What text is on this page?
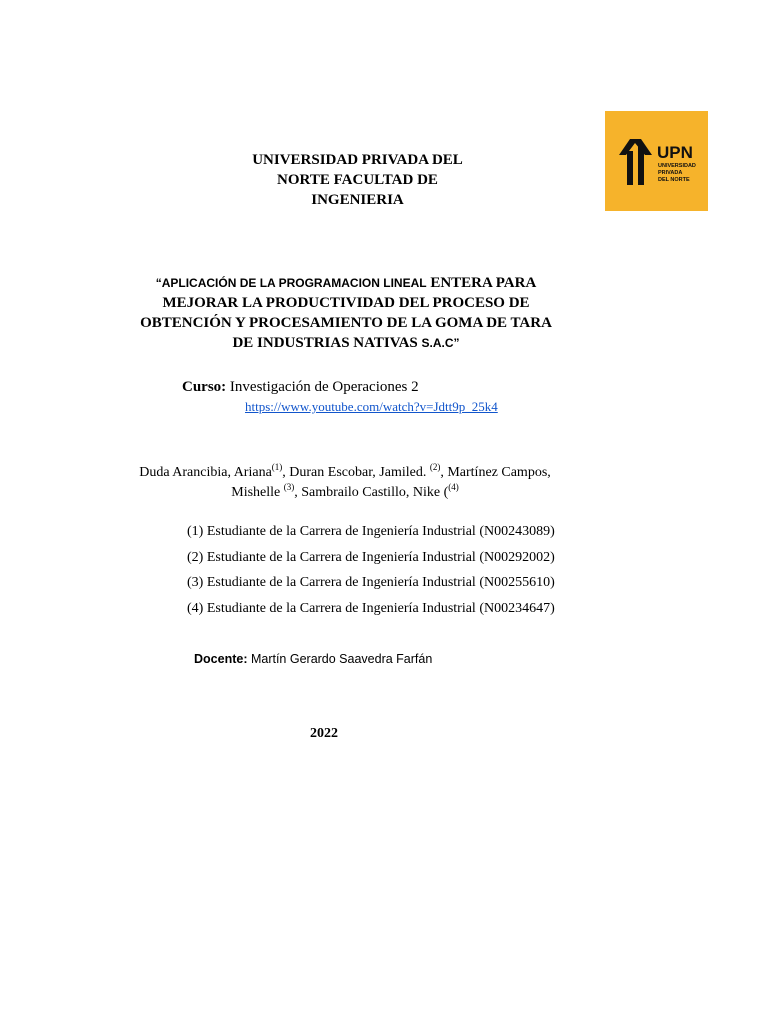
UNIVERSIDAD PRIVADA DEL
NORTE FACULTAD DE
INGENIERIA
UPN
UNIVERSIDAD
PRIVADA
DEL NORTE
“APLICACIÓN DE LA PROGRAMACION LINEAL ENTERA PARA
MEJORAR LA PRODUCTIVIDAD DEL PROCESO DE
OBTENCIÓN Y PROCESAMIENTO DE LA GOMA DE TARA
DE INDUSTRIAS NATIVAS S.A.C”
Curso: Investigación de Operaciones 2
https://www.youtube.com/watch?v=Jdtt9p_25k4
Duda Arancibia, Ariana$^{(1)}$, Duran Escobar, Jamiled. $^{(2)}$, Martínez Campos, Mishelle $^{(3)}$, Sambrailo Castillo, Nike ($^{(4)}$
(1) Estudiante de la Carrera de Ingeniería Industrial (N00243089)
(2) Estudiante de la Carrera de Ingeniería Industrial (N00292002)
(3) Estudiante de la Carrera de Ingeniería Industrial (N00255610)
(4) Estudiante de la Carrera de Ingeniería Industrial (N00234647)
Docente: Martín Gerardo Saavedra Farfán
2022
